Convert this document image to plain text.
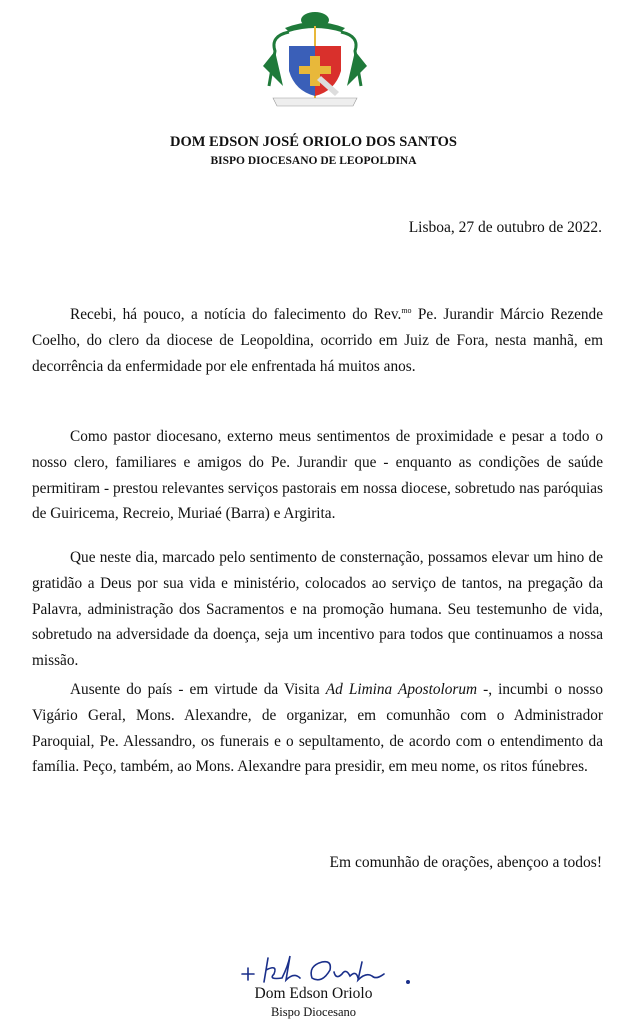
DOM EDSON JOSÉ ORIOLO DOS SANTOS
BISPO DIOCESANO DE LEOPOLDINA
Lisboa, 27 de outubro de 2022.

Recebi, há pouco, a notícia do falecimento do Rev.$^{mo}$ Pe. Jurandir Márcio Rezende Coelho, do clero da diocese de Leopoldina, ocorrido em Juiz de Fora, nesta manhã, em decorrência da enfermidade por ele enfrentada há muitos anos.

Como pastor diocesano, externo meus sentimentos de proximidade e pesar a todo o nosso clero, familiares e amigos do Pe. Jurandir que - enquanto as condições de saúde permitiram - prestou relevantes serviços pastorais em nossa diocese, sobretudo nas paróquias de Guiricema, Recreio, Muriaé (Barra) e Argirita.

Que neste dia, marcado pelo sentimento de consternação, possamos elevar um hino de gratidão a Deus por sua vida e ministério, colocados ao serviço de tantos, na pregação da Palavra, administração dos Sacramentos e na promoção humana. Seu testemunho de vida, sobretudo na adversidade da doença, seja um incentivo para todos que continuamos a nossa missão.

Ausente do país - em virtude da Visita Ad Limina Apostolorum -, incumbi o nosso Vigário Geral, Mons. Alexandre, de organizar, em comunhão com o Administrador Paroquial, Pe. Alessandro, os funerais e o sepultamento, de acordo com o entendimento da família. Peço, também, ao Mons. Alexandre para presidir, em meu nome, os ritos fúnebres.

Em comunhão de orações, abençoo a todos!
Dom Edson Oriolo
Bispo Diocesano
